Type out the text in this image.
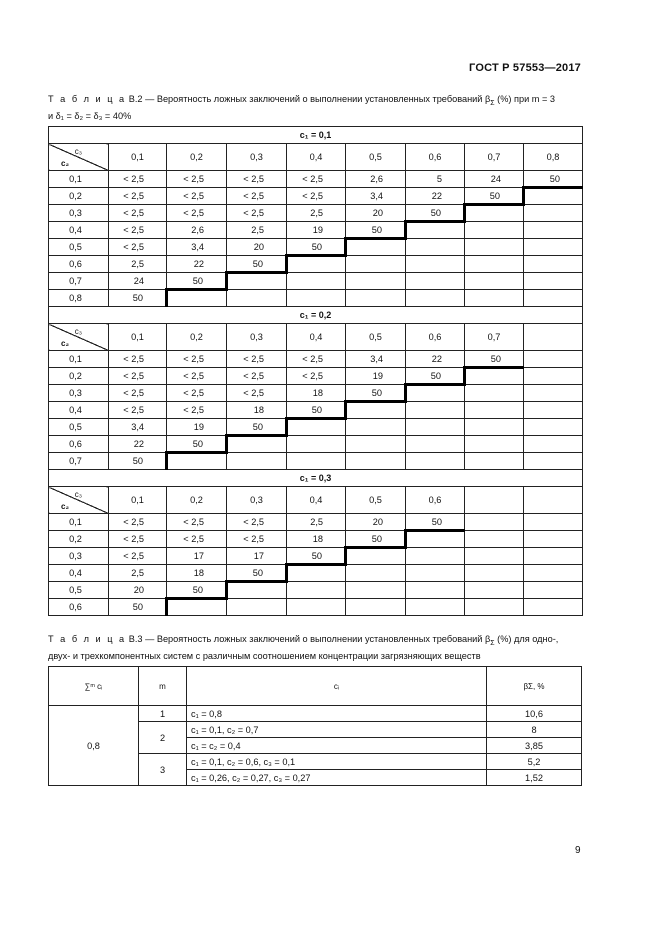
ГОСТ Р 57553—2017
Т а б л и ц а В.2 — Вероятность ложных заключений о выполнении установленных требований $\beta_\Sigma$ (%) при m = 3
и δ₁ = δ₂ = δ₃ = 40%
c₁ = 0,1								

c₃
c₂	0,1	0,2	0,3	0,4	0,5	0,6	0,7	0,8
0,1	< 2,5	< 2,5	< 2,5	< 2,5	2,6	5	24	50
0,2	< 2,5	< 2,5	< 2,5	< 2,5	3,4	22	50	
0,3	< 2,5	< 2,5	< 2,5	2,5	20	50		
0,4	< 2,5	2,6	2,5	19	50			
0,5	< 2,5	3,4	20	50				
0,6	2,5	22	50					
0,7	24	50						
0,8	50							
c₁ = 0,2								

c₃
c₂	0,1	0,2	0,3	0,4	0,5	0,6	0,7	
0,1	< 2,5	< 2,5	< 2,5	< 2,5	3,4	22	50	
0,2	< 2,5	< 2,5	< 2,5	< 2,5	19	50		
0,3	< 2,5	< 2,5	< 2,5	18	50			
0,4	< 2,5	< 2,5	18	50				
0,5	3,4	19	50					
0,6	22	50						
0,7	50							
c₁ = 0,3								

c₃
c₂	0,1	0,2	0,3	0,4	0,5	0,6		
0,1	< 2,5	< 2,5	< 2,5	2,5	20	50		
0,2	< 2,5	< 2,5	< 2,5	18	50			
0,3	< 2,5	17	17	50				
0,4	2,5	18	50					
0,5	20	50						
0,6	50							
Т а б л и ц а В.3 — Вероятность ложных заключений о выполнении установленных требований $\beta_\Sigma$ (%) для одно-,
двух- и трехкомпонентных систем с различным соотношением концентрации загрязняющих веществ
∑ᵐ cᵢ	m	cᵢ	βΣ, %
0,8	1	c₁ = 0,8	10,6
	2	c₁ = 0,1, c₂ = 0,7	8
		c₁ = c₂ = 0,4	3,85
	3	c₁ = 0,1, c₂ = 0,6, c₃ = 0,1	5,2
		c₁ = 0,26, c₂ = 0,27, c₃ = 0,27	1,52
9
